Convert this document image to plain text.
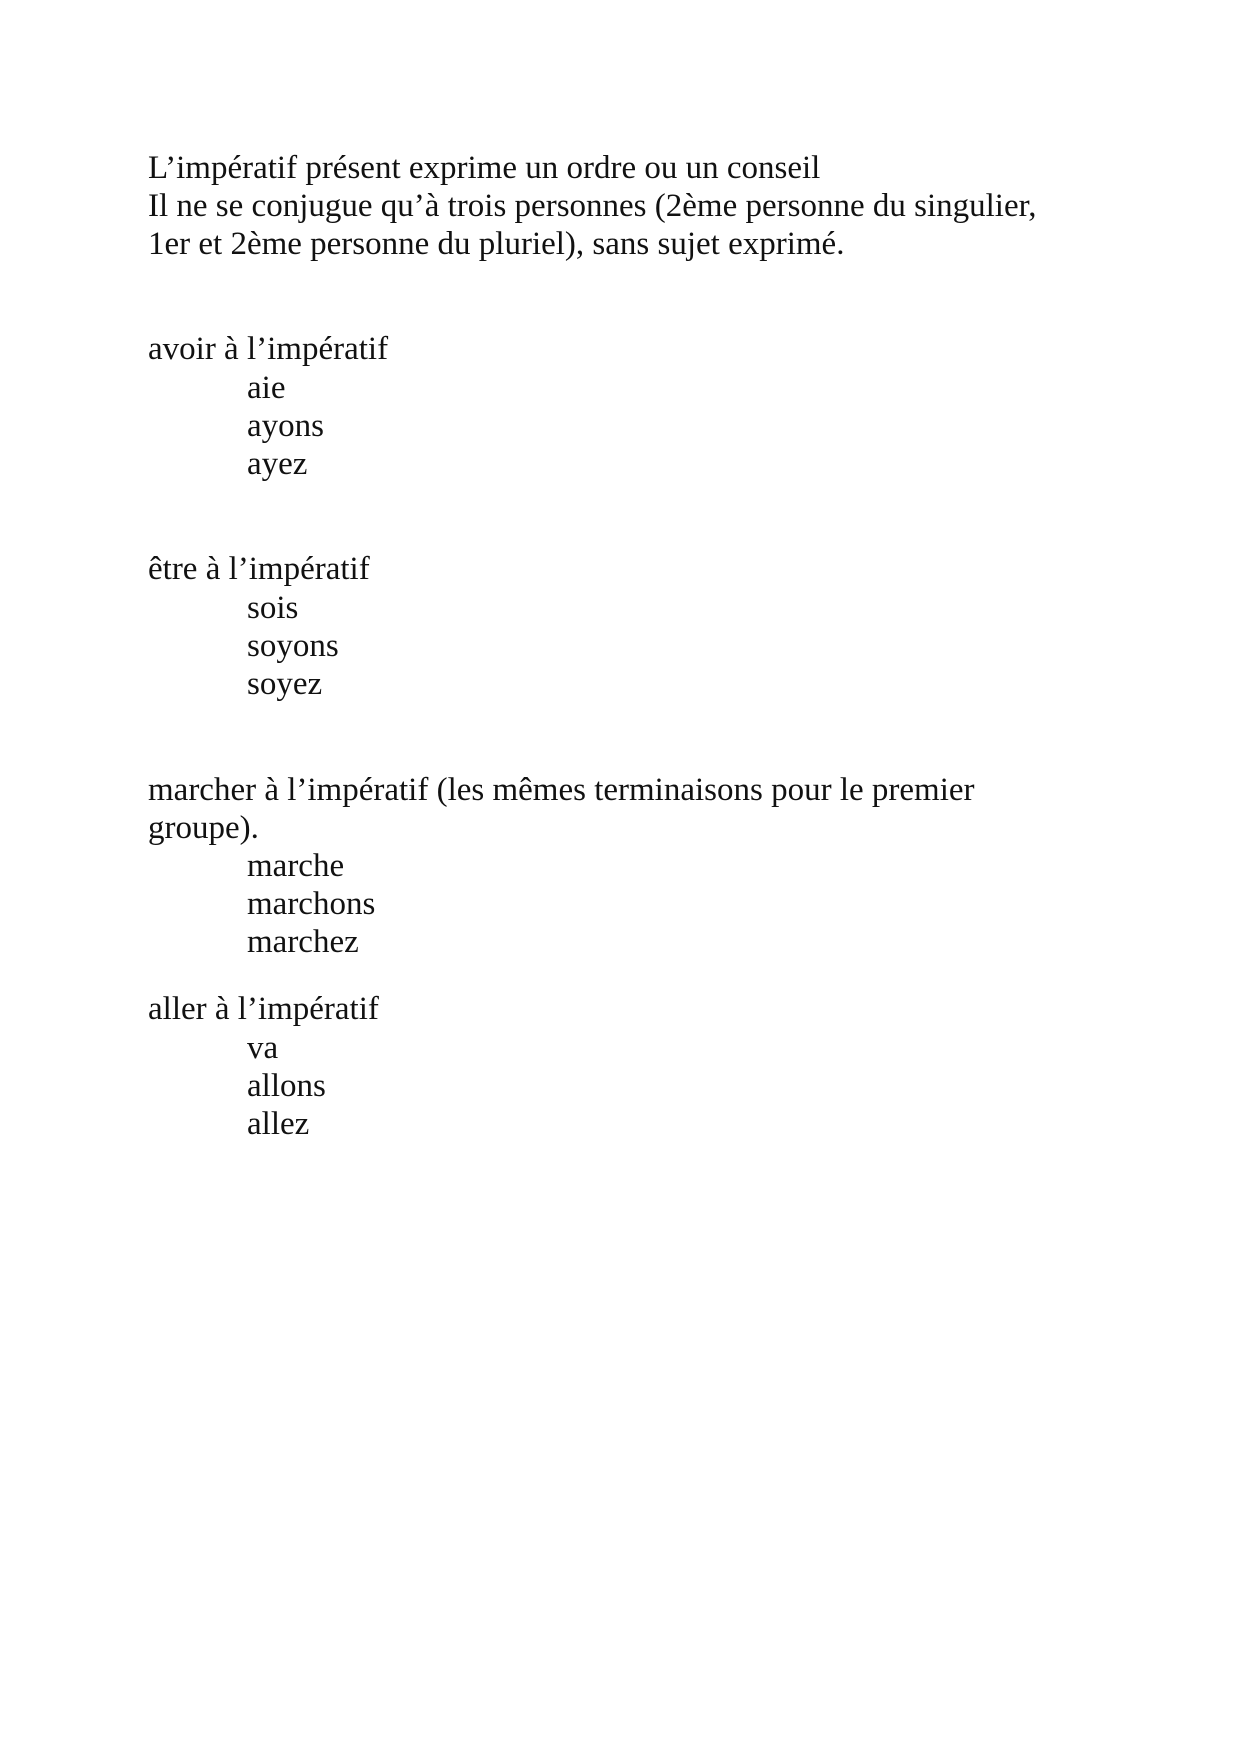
L’impératif présent exprime un ordre ou un conseil

Il ne se conjugue qu’à trois personnes (2ème personne du singulier,

1er et 2ème personne du pluriel), sans sujet exprimé.

avoir à l’impératif

aie

ayons

ayez

être à l’impératif

sois

soyons

soyez

marcher à l’impératif (les mêmes terminaisons pour le premier

groupe).

marche

marchons

marchez

aller à l’impératif

va

allons

allez
